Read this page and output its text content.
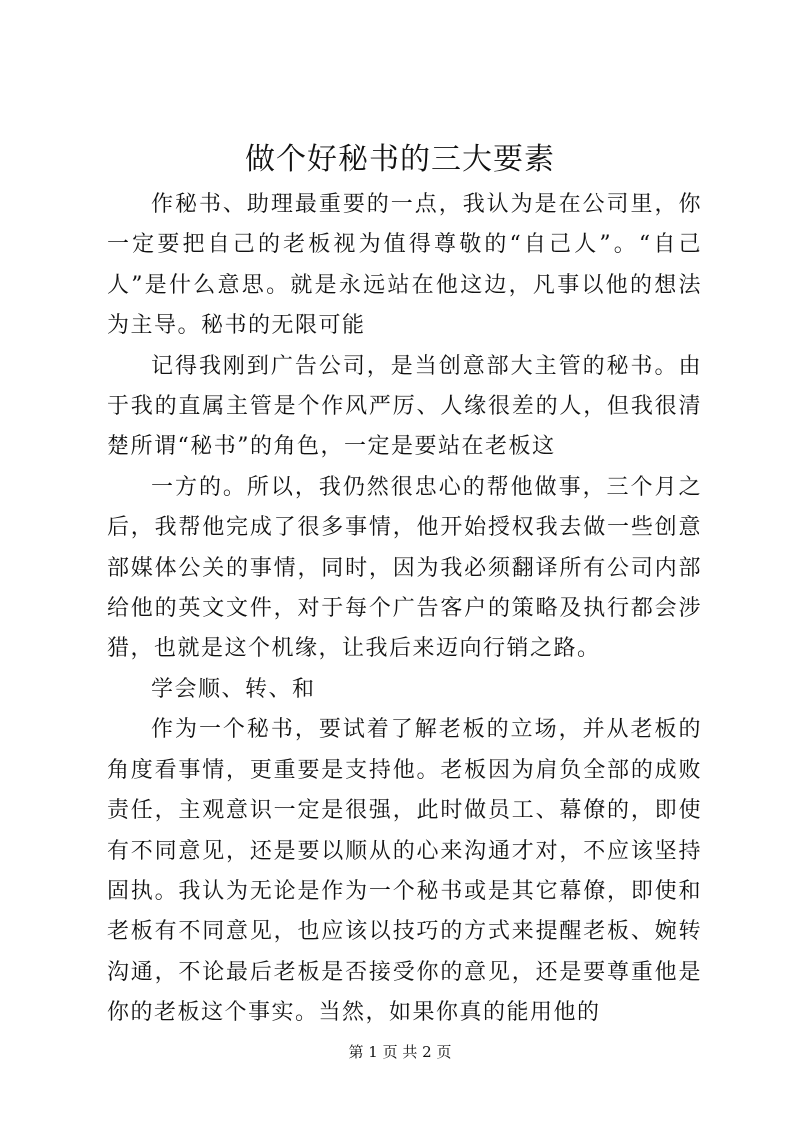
做个好秘书的三大要素

作秘书、助理最重要的一点，我认为是在公司里，你一定要把自己的老板视为值得尊敬的“自己人”。“自己人”是什么意思。就是永远站在他这边，凡事以他的想法为主导。秘书的无限可能

记得我刚到广告公司，是当创意部大主管的秘书。由于我的直属主管是个作风严厉、人缘很差的人，但我很清楚所谓“秘书”的角色，一定是要站在老板这

一方的。所以，我仍然很忠心的帮他做事，三个月之后，我帮他完成了很多事情，他开始授权我去做一些创意部媒体公关的事情，同时，因为我必须翻译所有公司内部给他的英文文件，对于每个广告客户的策略及执行都会涉猎，也就是这个机缘，让我后来迈向行销之路。

学会顺、转、和

作为一个秘书，要试着了解老板的立场，并从老板的角度看事情，更重要是支持他。老板因为肩负全部的成败责任，主观意识一定是很强，此时做员工、幕僚的，即使有不同意见，还是要以顺从的心来沟通才对，不应该坚持固执。我认为无论是作为一个秘书或是其它幕僚，即使和老板有不同意见，也应该以技巧的方式来提醒老板、婉转沟通，不论最后老板是否接受你的意见，还是要尊重他是你的老板这个事实。当然，如果你真的能用他的

第 1 页 共 2 页
